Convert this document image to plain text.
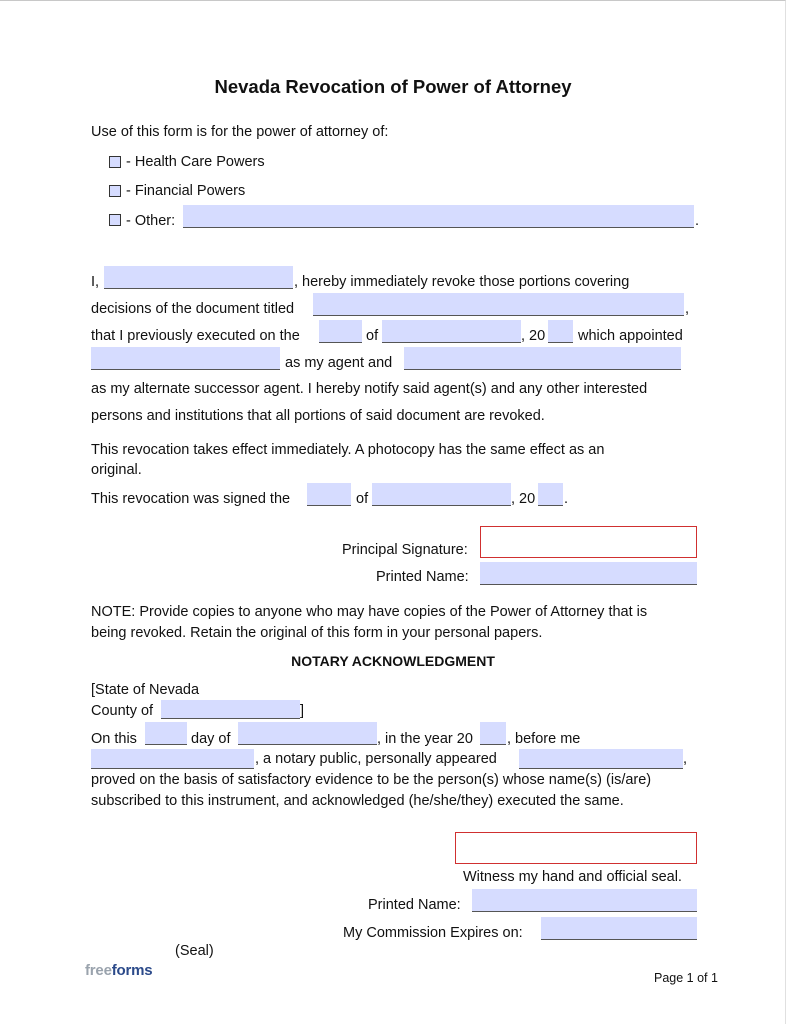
Nevada Revocation of Power of Attorney
Use of this form is for the power of attorney of:
- Health Care Powers
- Financial Powers
- Other:	.
I,	, hereby immediately revoke those portions covering
decisions of the document titled	,
that I previously executed on the	of	, 20 which appointed
as my agent and
as my alternate successor agent. I hereby notify said agent(s) and any other interested
persons and institutions that all portions of said document are revoked.
This revocation takes effect immediately. A photocopy has the same effect as an
original.
This revocation was signed the	of	, 20 .
Principal Signature:
Printed Name:
NOTE: Provide copies to anyone who may have copies of the Power of Attorney that is
being revoked. Retain the original of this form in your personal papers.
NOTARY ACKNOWLEDGMENT
[State of Nevada
County of	]
On this	day of	, in the year 20 , before me
, a notary public, personally appeared	,
proved on the basis of satisfactory evidence to be the person(s) whose name(s) (is/are)
subscribed to this instrument, and acknowledged (he/she/they) executed the same.
Witness my hand and official seal.
Printed Name:
My Commission Expires on:
(Seal)
freeforms	Page 1 of 1
